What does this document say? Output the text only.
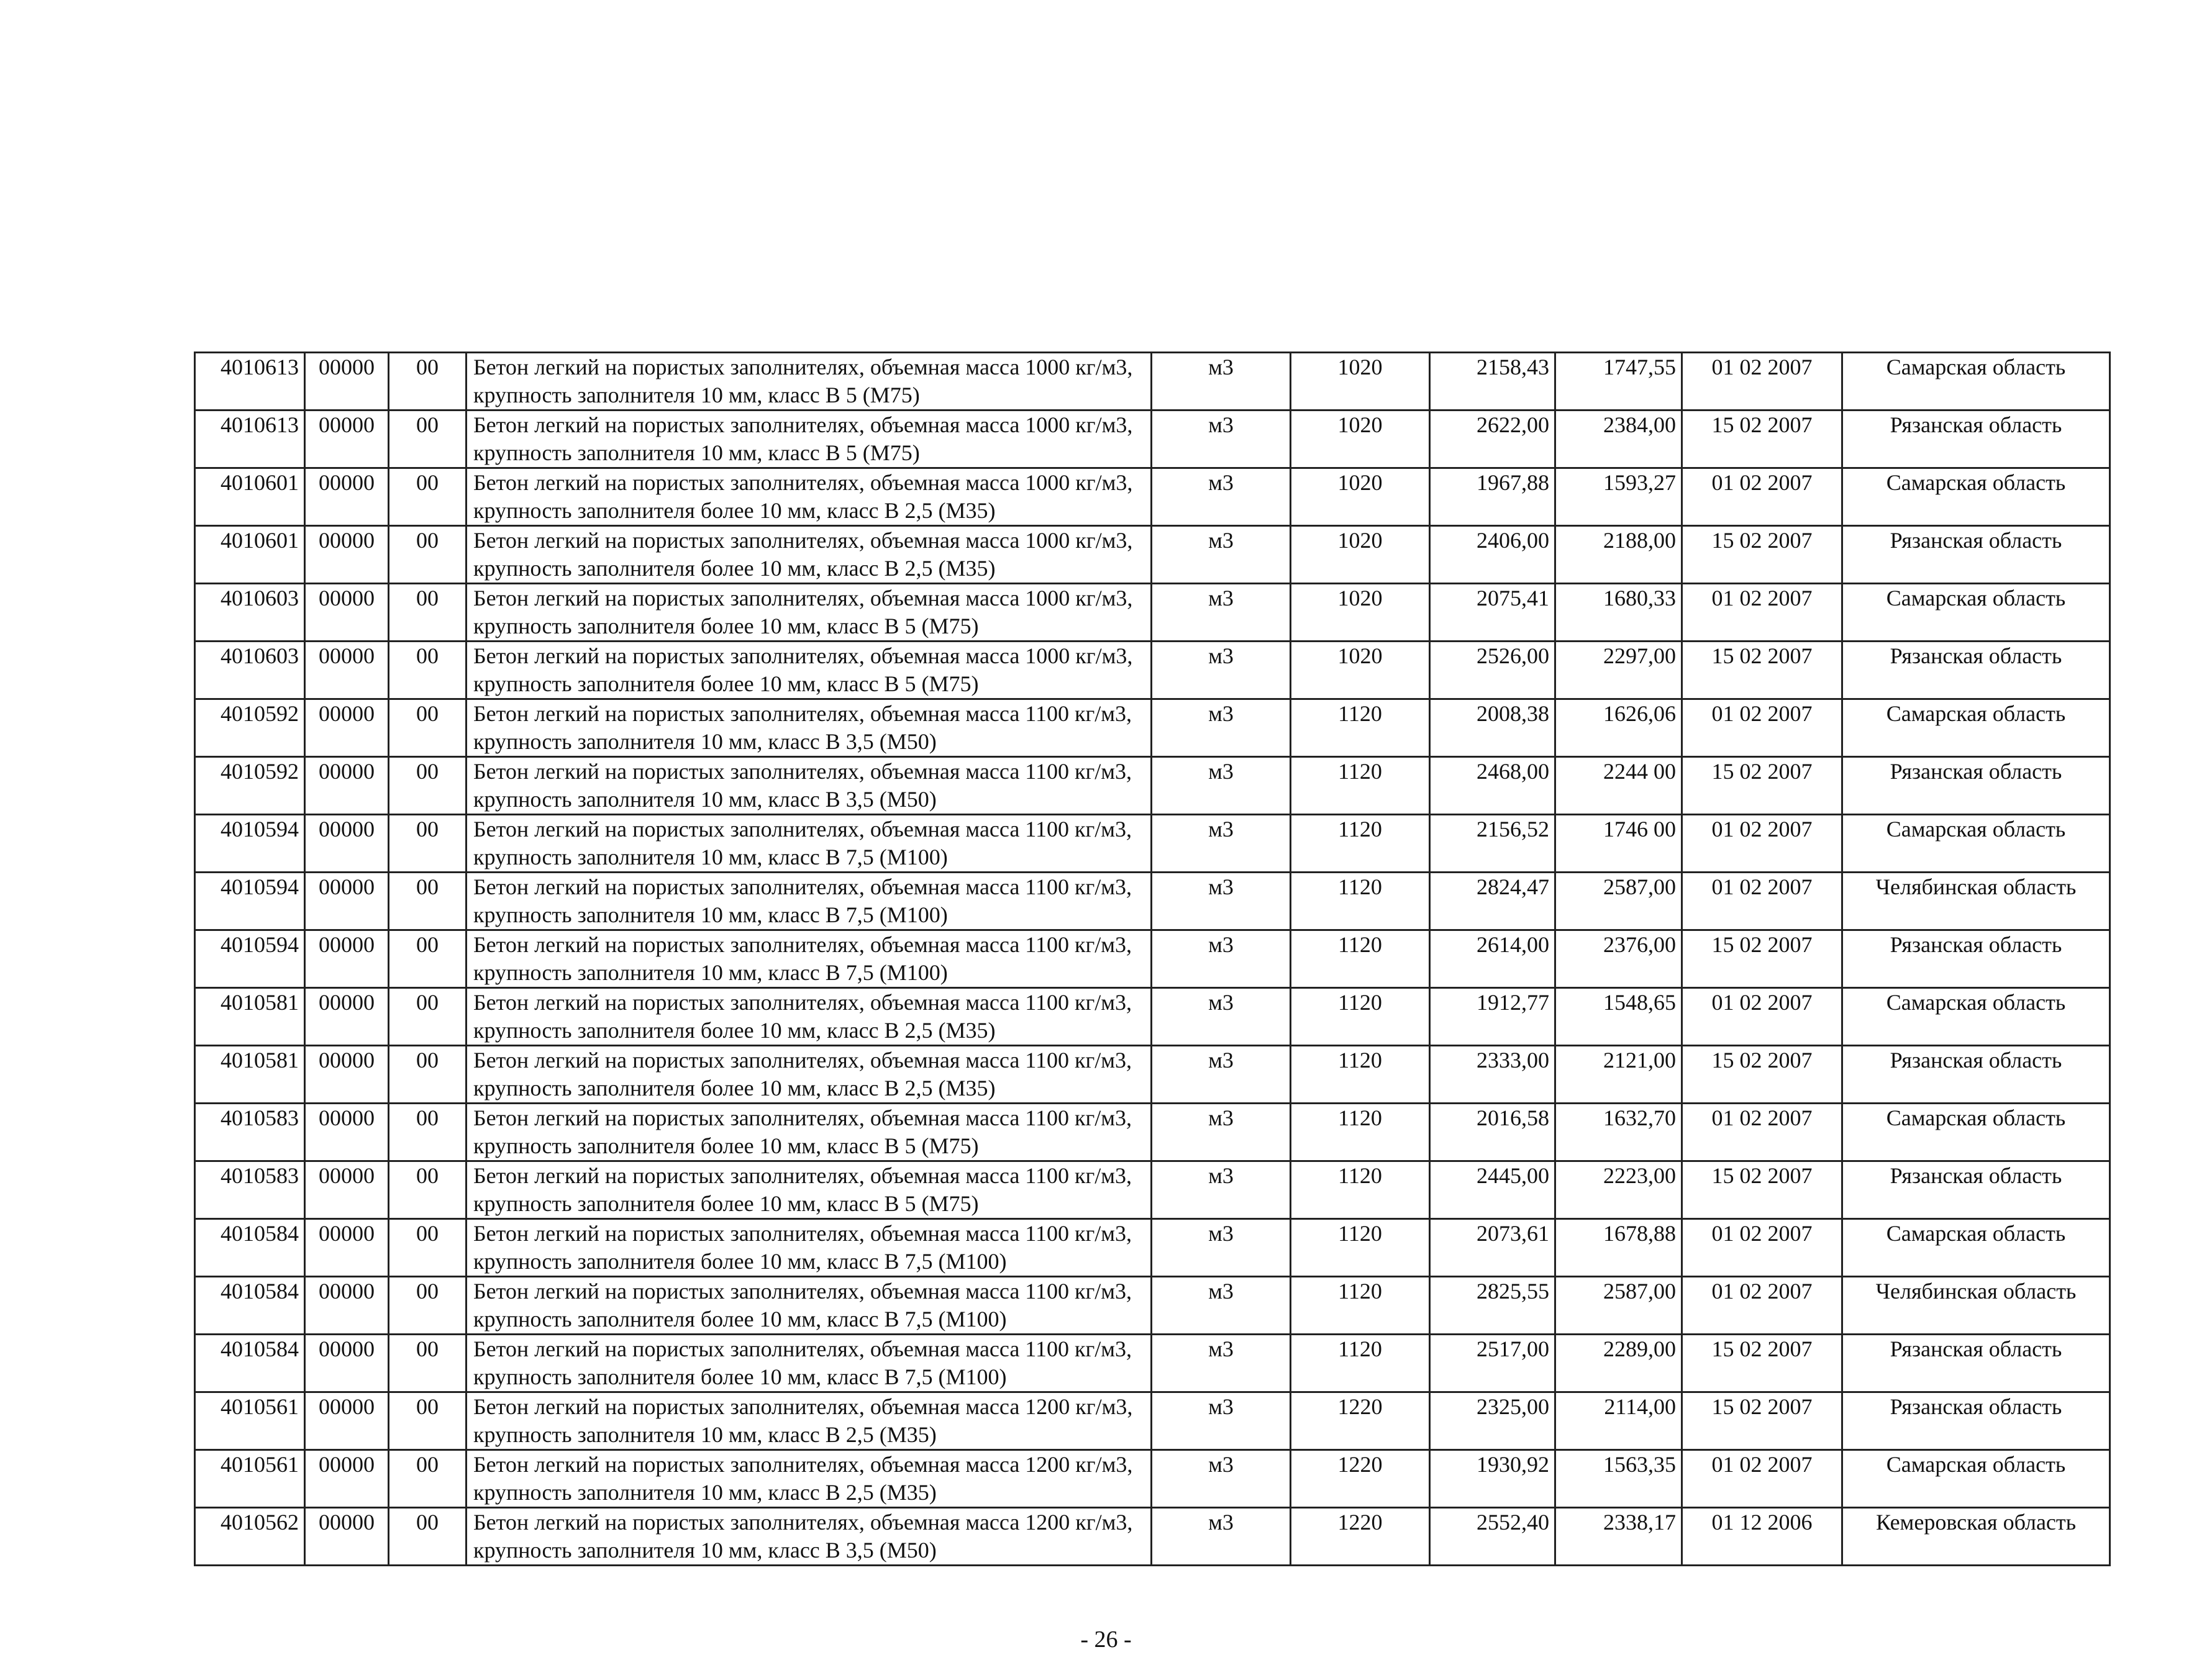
4010613	00000	00	Бетон легкий на пористых заполнителях, объемная масса 1000 кг/м3, крупность заполнителя 10 мм, класс В 5 (М75)	м3	1020	2158,43	1747,55	01 02 2007	Самарская область
4010613	00000	00	Бетон легкий на пористых заполнителях, объемная масса 1000 кг/м3, крупность заполнителя 10 мм, класс В 5 (М75)	м3	1020	2622,00	2384,00	15 02 2007	Рязанская область
4010601	00000	00	Бетон легкий на пористых заполнителях, объемная масса 1000 кг/м3, крупность заполнителя более 10 мм, класс В 2,5 (М35)	м3	1020	1967,88	1593,27	01 02 2007	Самарская область
4010601	00000	00	Бетон легкий на пористых заполнителях, объемная масса 1000 кг/м3, крупность заполнителя более 10 мм, класс В 2,5 (М35)	м3	1020	2406,00	2188,00	15 02 2007	Рязанская область
4010603	00000	00	Бетон легкий на пористых заполнителях, объемная масса 1000 кг/м3, крупность заполнителя более 10 мм, класс В 5 (М75)	м3	1020	2075,41	1680,33	01 02 2007	Самарская область
4010603	00000	00	Бетон легкий на пористых заполнителях, объемная масса 1000 кг/м3, крупность заполнителя более 10 мм, класс В 5 (М75)	м3	1020	2526,00	2297,00	15 02 2007	Рязанская область
4010592	00000	00	Бетон легкий на пористых заполнителях, объемная масса 1100 кг/м3, крупность заполнителя 10 мм, класс В 3,5 (М50)	м3	1120	2008,38	1626,06	01 02 2007	Самарская область
4010592	00000	00	Бетон легкий на пористых заполнителях, объемная масса 1100 кг/м3, крупность заполнителя 10 мм, класс В 3,5 (М50)	м3	1120	2468,00	2244 00	15 02 2007	Рязанская область
4010594	00000	00	Бетон легкий на пористых заполнителях, объемная масса 1100 кг/м3, крупность заполнителя 10 мм, класс В 7,5 (М100)	м3	1120	2156,52	1746 00	01 02 2007	Самарская область
4010594	00000	00	Бетон легкий на пористых заполнителях, объемная масса 1100 кг/м3, крупность заполнителя 10 мм, класс В 7,5 (М100)	м3	1120	2824,47	2587,00	01 02 2007	Челябинская область
4010594	00000	00	Бетон легкий на пористых заполнителях, объемная масса 1100 кг/м3, крупность заполнителя 10 мм, класс В 7,5 (М100)	м3	1120	2614,00	2376,00	15 02 2007	Рязанская область
4010581	00000	00	Бетон легкий на пористых заполнителях, объемная масса 1100 кг/м3, крупность заполнителя более 10 мм, класс В 2,5 (М35)	м3	1120	1912,77	1548,65	01 02 2007	Самарская область
4010581	00000	00	Бетон легкий на пористых заполнителях, объемная масса 1100 кг/м3, крупность заполнителя более 10 мм, класс В 2,5 (М35)	м3	1120	2333,00	2121,00	15 02 2007	Рязанская область
4010583	00000	00	Бетон легкий на пористых заполнителях, объемная масса 1100 кг/м3, крупность заполнителя более 10 мм, класс В 5 (М75)	м3	1120	2016,58	1632,70	01 02 2007	Самарская область
4010583	00000	00	Бетон легкий на пористых заполнителях, объемная масса 1100 кг/м3, крупность заполнителя более 10 мм, класс В 5 (М75)	м3	1120	2445,00	2223,00	15 02 2007	Рязанская область
4010584	00000	00	Бетон легкий на пористых заполнителях, объемная масса 1100 кг/м3, крупность заполнителя более 10 мм, класс В 7,5 (М100)	м3	1120	2073,61	1678,88	01 02 2007	Самарская область
4010584	00000	00	Бетон легкий на пористых заполнителях, объемная масса 1100 кг/м3, крупность заполнителя более 10 мм, класс В 7,5 (М100)	м3	1120	2825,55	2587,00	01 02 2007	Челябинская область
4010584	00000	00	Бетон легкий на пористых заполнителях, объемная масса 1100 кг/м3, крупность заполнителя более 10 мм, класс В 7,5 (М100)	м3	1120	2517,00	2289,00	15 02 2007	Рязанская область
4010561	00000	00	Бетон легкий на пористых заполнителях, объемная масса 1200 кг/м3, крупность заполнителя 10 мм, класс В 2,5 (М35)	м3	1220	2325,00	2114,00	15 02 2007	Рязанская область
4010561	00000	00	Бетон легкий на пористых заполнителях, объемная масса 1200 кг/м3, крупность заполнителя 10 мм, класс В 2,5 (М35)	м3	1220	1930,92	1563,35	01 02 2007	Самарская область
4010562	00000	00	Бетон легкий на пористых заполнителях, объемная масса 1200 кг/м3, крупность заполнителя 10 мм, класс В 3,5 (М50)	м3	1220	2552,40	2338,17	01 12 2006	Кемеровская область
- 26 -
